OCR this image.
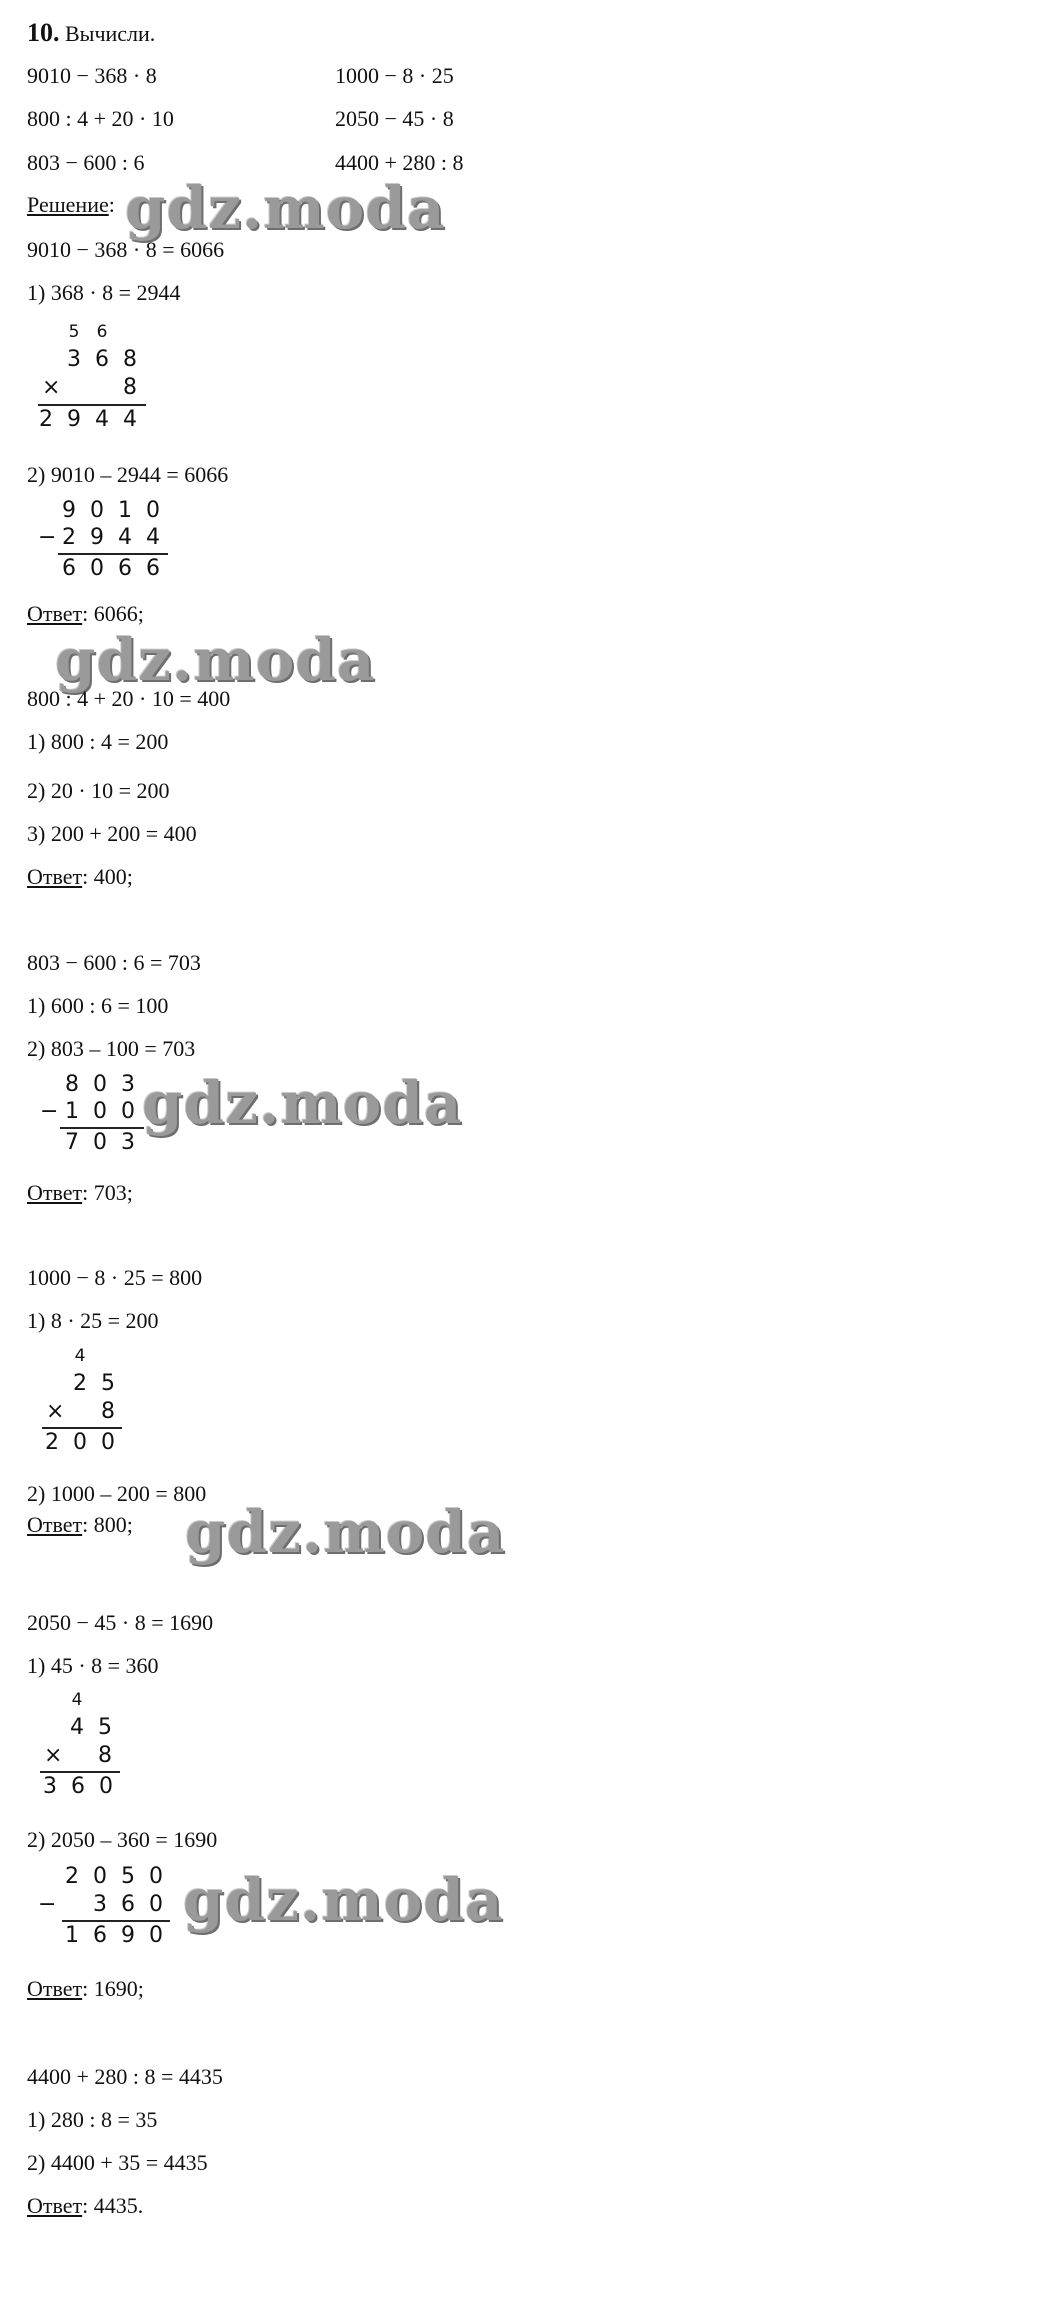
10. Вычисли.
9010 − 368 · 8	1000 − 8 · 25
800 : 4 + 20 · 10	2050 − 45 · 8
803 − 600 : 6	4400 + 280 : 8
Решение: gdz.moda
9010 − 368 · 8 = 6066
1) 368 · 8 = 2944
5	6
3 6 8
×	8
2 9 4 4
2) 9010 – 2944 = 6066
9 0 1 0
− 2 9 4 4
6 0 6 6
Ответ: 6066;
gdz.moda
800 : 4 + 20 · 10 = 400
1) 800 : 4 = 200
2) 20 · 10 = 200
3) 200 + 200 = 400
Ответ: 400;
803 − 600 : 6 = 703
1) 600 : 6 = 100
2) 803 – 100 = 703
8 0 3
− 1 0 0
7 0 3
gdz.moda
Ответ: 703;
1000 − 8 · 25 = 800
1) 8 · 25 = 200
4
2 5
×	8
2 0 0
2) 1000 – 200 = 800
Ответ: 800; gdz.moda
2050 − 45 · 8 = 1690
1) 45 · 8 = 360
4
4 5
×	8
3 6 0
2) 2050 – 360 = 1690
2 0 5 0
−	3 6 0
1 6 9 0
gdz.moda
Ответ: 1690;
4400 + 280 : 8 = 4435
1) 280 : 8 = 35
2) 4400 + 35 = 4435
Ответ: 4435.
